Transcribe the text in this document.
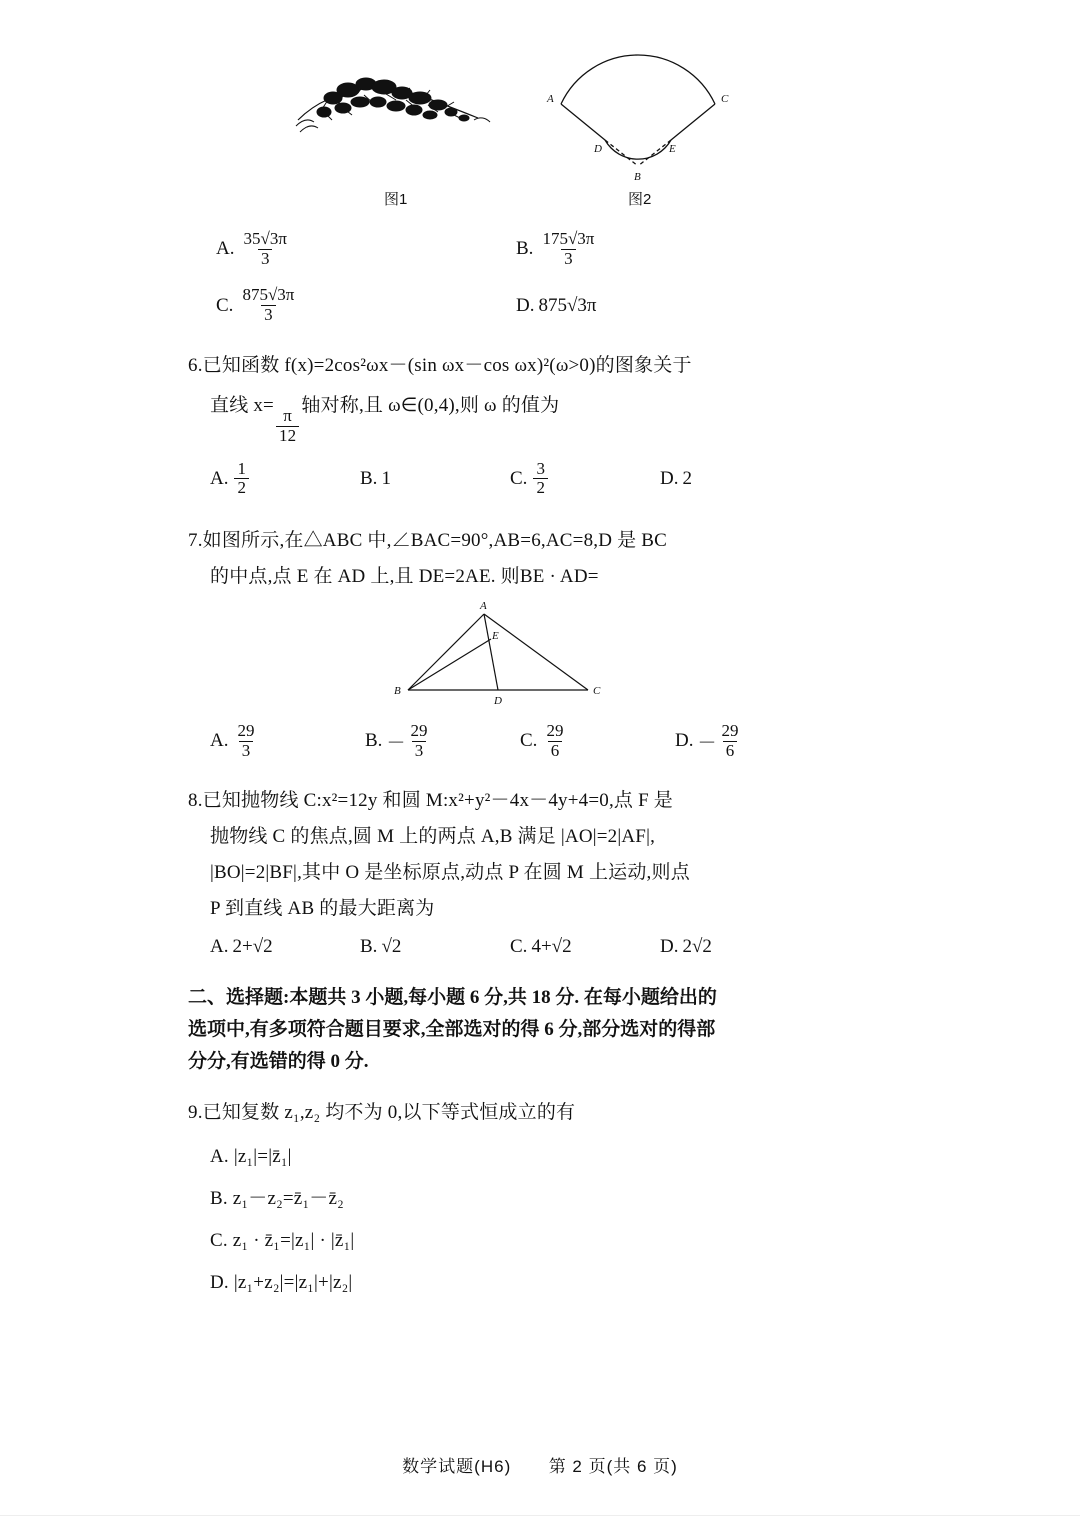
图1
A	C
D	E
B
图2
A. $\frac{35√3\pi}{3}$	B. $\frac{175√3\pi}{3}$
C. $\frac{875√3\pi}{3}$	D. 875√3π
6.已知函数 f(x)=2cos²ωx－(sin ωx－cos ωx)²(ω>0)的图象关于
直线 x=
$\frac{\pi}{12}$
轴对称,且 ω∈(0,4),则 ω 的值为
A. $\frac{1}{2}$	B. 1	C. $\frac{3}{2}$	D. 2
7.如图所示,在△ABC 中,∠BAC=90°,AB=6,AC=8,D 是 BC
的中点,点 E 在 AD 上,且 DE=2AE. 则BE · AD=
A
E
B
D
C
A. $\frac{29}{3}$	B. － $\frac{29}{3}$	C. $\frac{29}{6}$	D. － $\frac{29}{6}$
8.已知抛物线 C:x²=12y 和圆 M:x²+y²－4x－4y+4=0,点 F 是
抛物线 C 的焦点,圆 M 上的两点 A,B 满足 |AO|=2|AF|,
|BO|=2|BF|,其中 O 是坐标原点,动点 P 在圆 M 上运动,则点
P 到直线 AB 的最大距离为
A. 2+√2	B. √2	C. 4+√2	D. 2√2
二、选择题:本题共 3 小题,每小题 6 分,共 18 分. 在每小题给出的
选项中,有多项符合题目要求,全部选对的得 6 分,部分选对的得部
分分,有选错的得 0 分.
9.已知复数 z₁,z₂ 均不为 0,以下等式恒成立的有
A. |z₁|=|z̄₁|
B. z₁－z₂=z̄₁－z̄₂
C. z₁ · z̄₁=|z₁| · |z̄₁|
D. |z₁+z₂|=|z₁|+|z₂|
数学试题(H6) 第 2 页(共 6 页)
